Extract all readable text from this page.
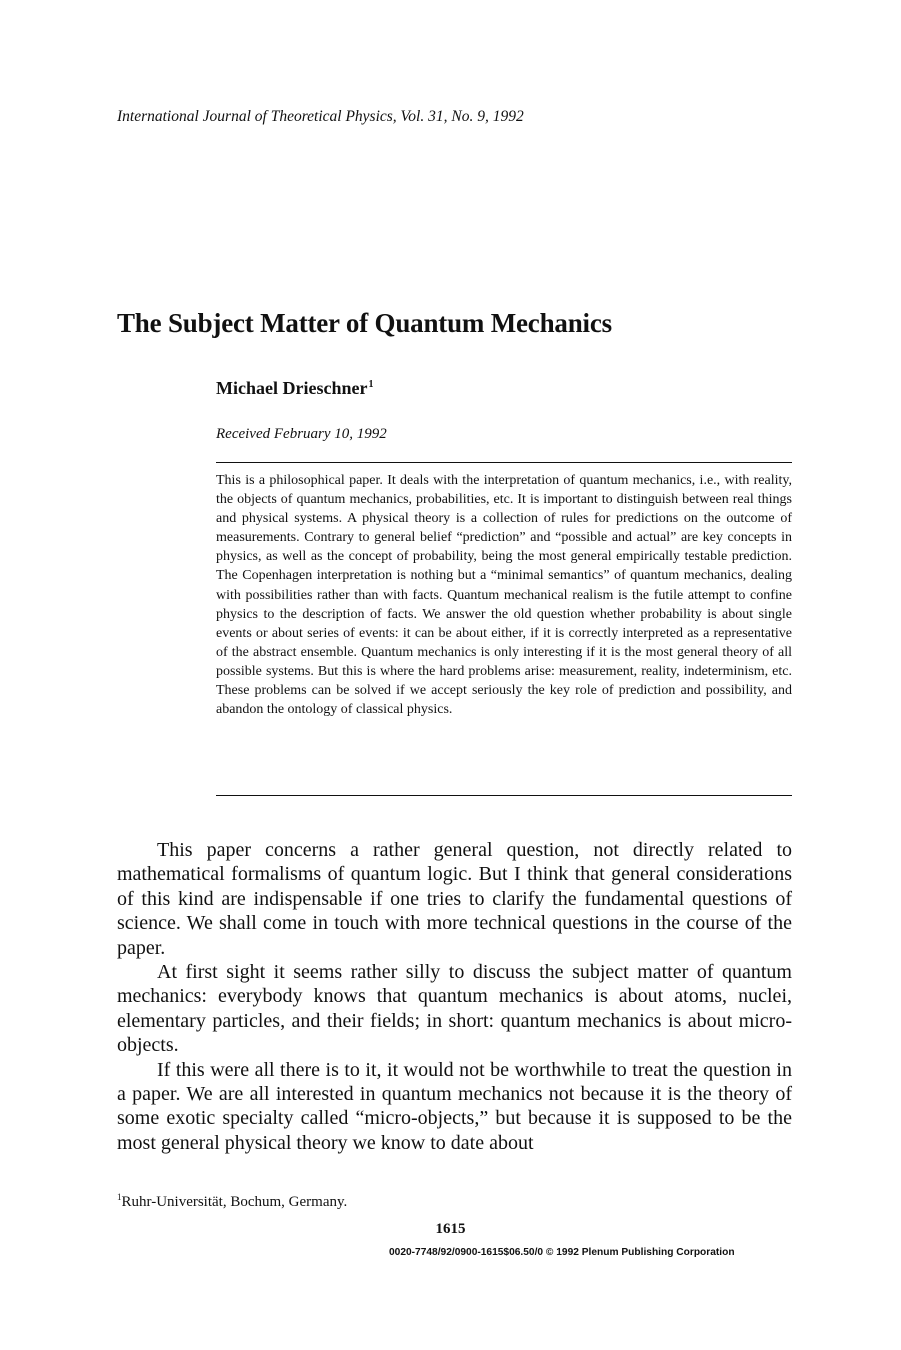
International Journal of Theoretical Physics, Vol. 31, No. 9, 1992
The Subject Matter of Quantum Mechanics
Michael Drieschner$^1$
Received February 10, 1992
This is a philosophical paper. It deals with the interpretation of quantum mechanics, i.e., with reality, the objects of quantum mechanics, probabilities, etc. It is important to distinguish between real things and physical systems. A physical theory is a collection of rules for predictions on the outcome of measurements. Contrary to general belief “prediction” and “possible and actual” are key concepts in physics, as well as the concept of probability, being the most general empirically testable prediction. The Copenhagen interpretation is nothing but a “minimal semantics” of quantum mechanics, dealing with possibilities rather than with facts. Quantum mechanical realism is the futile attempt to confine physics to the description of facts. We answer the old question whether probability is about single events or about series of events: it can be about either, if it is correctly interpreted as a representative of the abstract ensemble. Quantum mechanics is only interesting if it is the most general theory of all possible systems. But this is where the hard problems arise: measurement, reality, indeterminism, etc. These problems can be solved if we accept seriously the key role of prediction and possibility, and abandon the ontology of classical physics.

This paper concerns a rather general question, not directly related to mathematical formalisms of quantum logic. But I think that general considerations of this kind are indispensable if one tries to clarify the fundamental questions of science. We shall come in touch with more technical questions in the course of the paper.

At first sight it seems rather silly to discuss the subject matter of quantum mechanics: everybody knows that quantum mechanics is about atoms, nuclei, elementary particles, and their fields; in short: quantum mechanics is about micro-objects.

If this were all there is to it, it would not be worthwhile to treat the question in a paper. We are all interested in quantum mechanics not because it is the theory of some exotic specialty called “micro-objects,” but because it is supposed to be the most general physical theory we know to date about

$^1$Ruhr-Universität, Bochum, Germany.
1615
0020-7748/92/0900-1615$06.50/0 © 1992 Plenum Publishing Corporation
